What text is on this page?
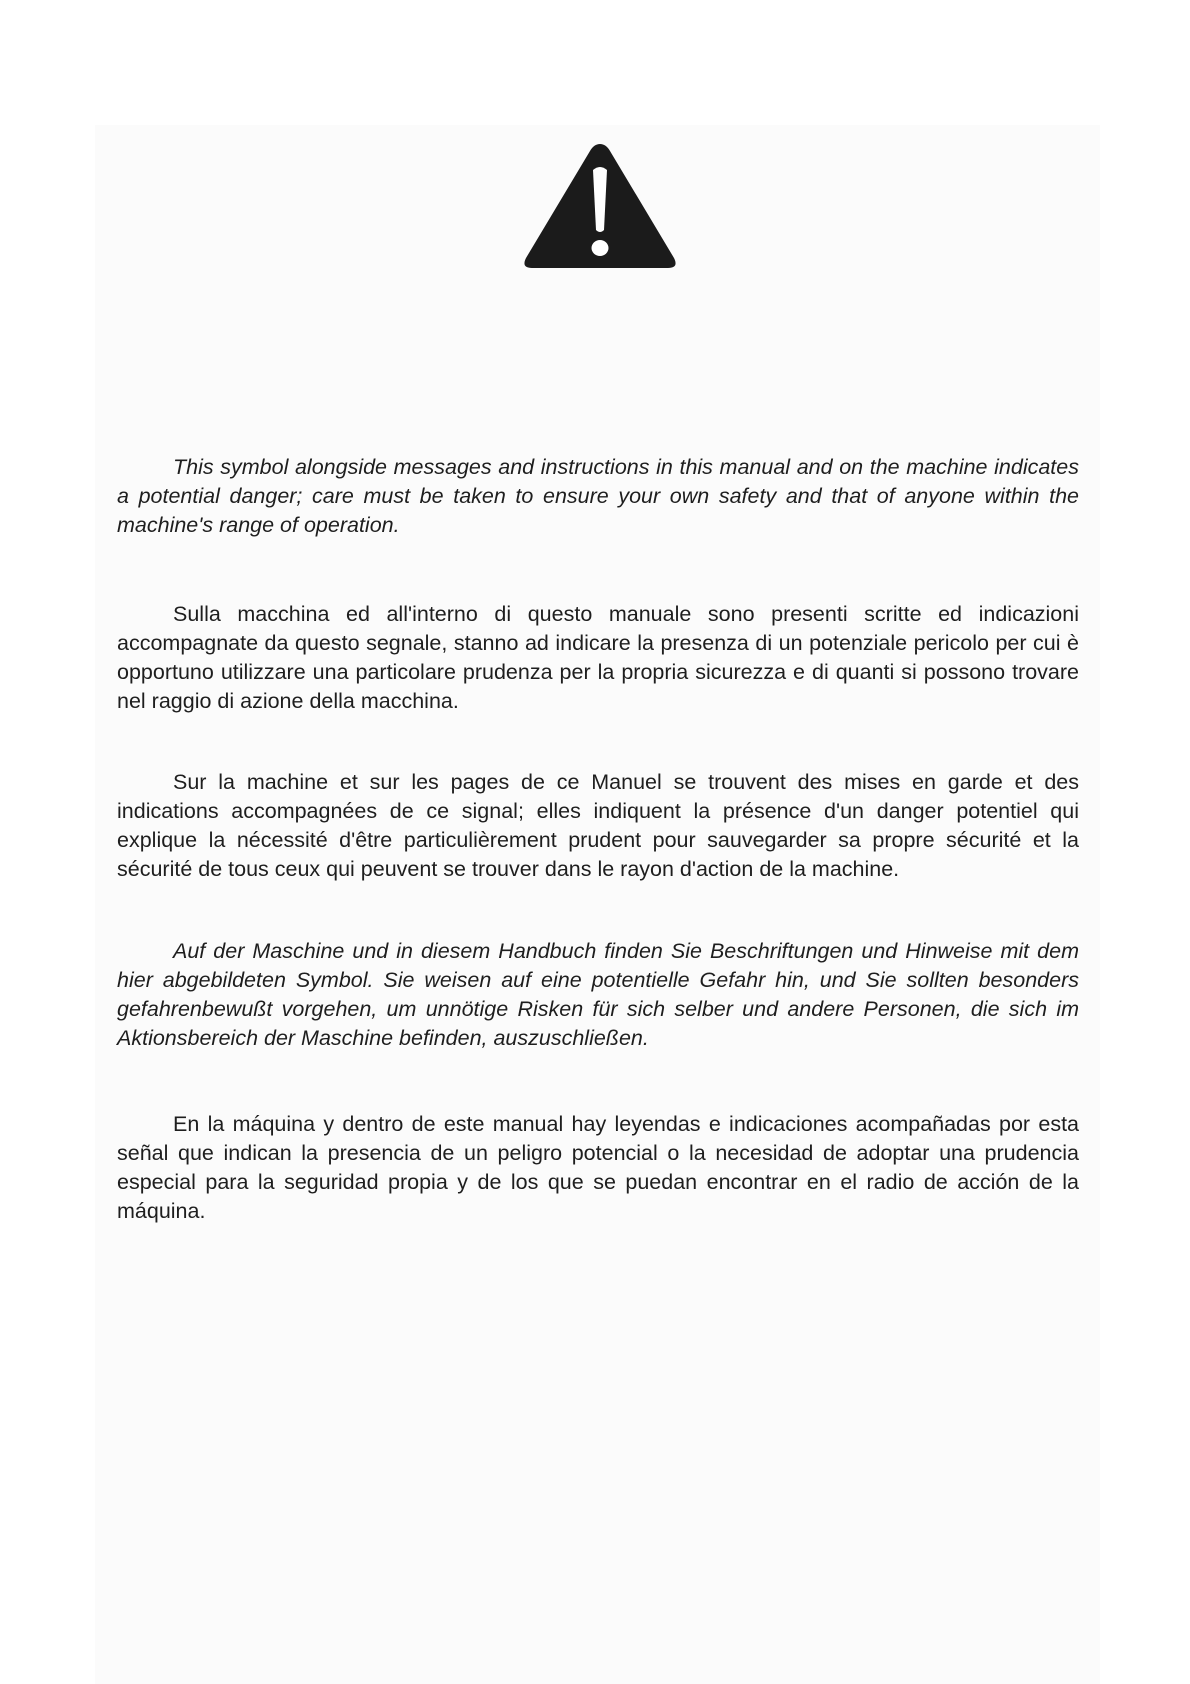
This symbol alongside messages and instructions in this manual and on the machine indicates a potential danger; care must be taken to ensure your own safety and that of anyone within the machine's range of operation.

Sulla macchina ed all'interno di questo manuale sono presenti scritte ed indicazioni accompagnate da questo segnale, stanno ad indicare la presenza di un potenziale pericolo per cui è opportuno utilizzare una particolare prudenza per la propria sicurezza e di quanti si possono trovare nel raggio di azione della macchina.

Sur la machine et sur les pages de ce Manuel se trouvent des mises en garde et des indications accompagnées de ce signal; elles indiquent la présence d'un danger potentiel qui explique la nécessité d'être particulièrement prudent pour sauvegarder sa propre sécurité et la sécurité de tous ceux qui peuvent se trouver dans le rayon d'action de la machine.

Auf der Maschine und in diesem Handbuch finden Sie Beschriftungen und Hinweise mit dem hier abgebildeten Symbol. Sie weisen auf eine potentielle Gefahr hin, und Sie sollten besonders gefahrenbewußt vorgehen, um unnötige Risken für sich selber und andere Personen, die sich im Aktionsbereich der Maschine befinden, auszuschließen.

En la máquina y dentro de este manual hay leyendas e indicaciones acompañadas por esta señal que indican la presencia de un peligro potencial o la necesidad de adoptar una prudencia especial para la seguridad propia y de los que se puedan encontrar en el radio de acción de la máquina.
